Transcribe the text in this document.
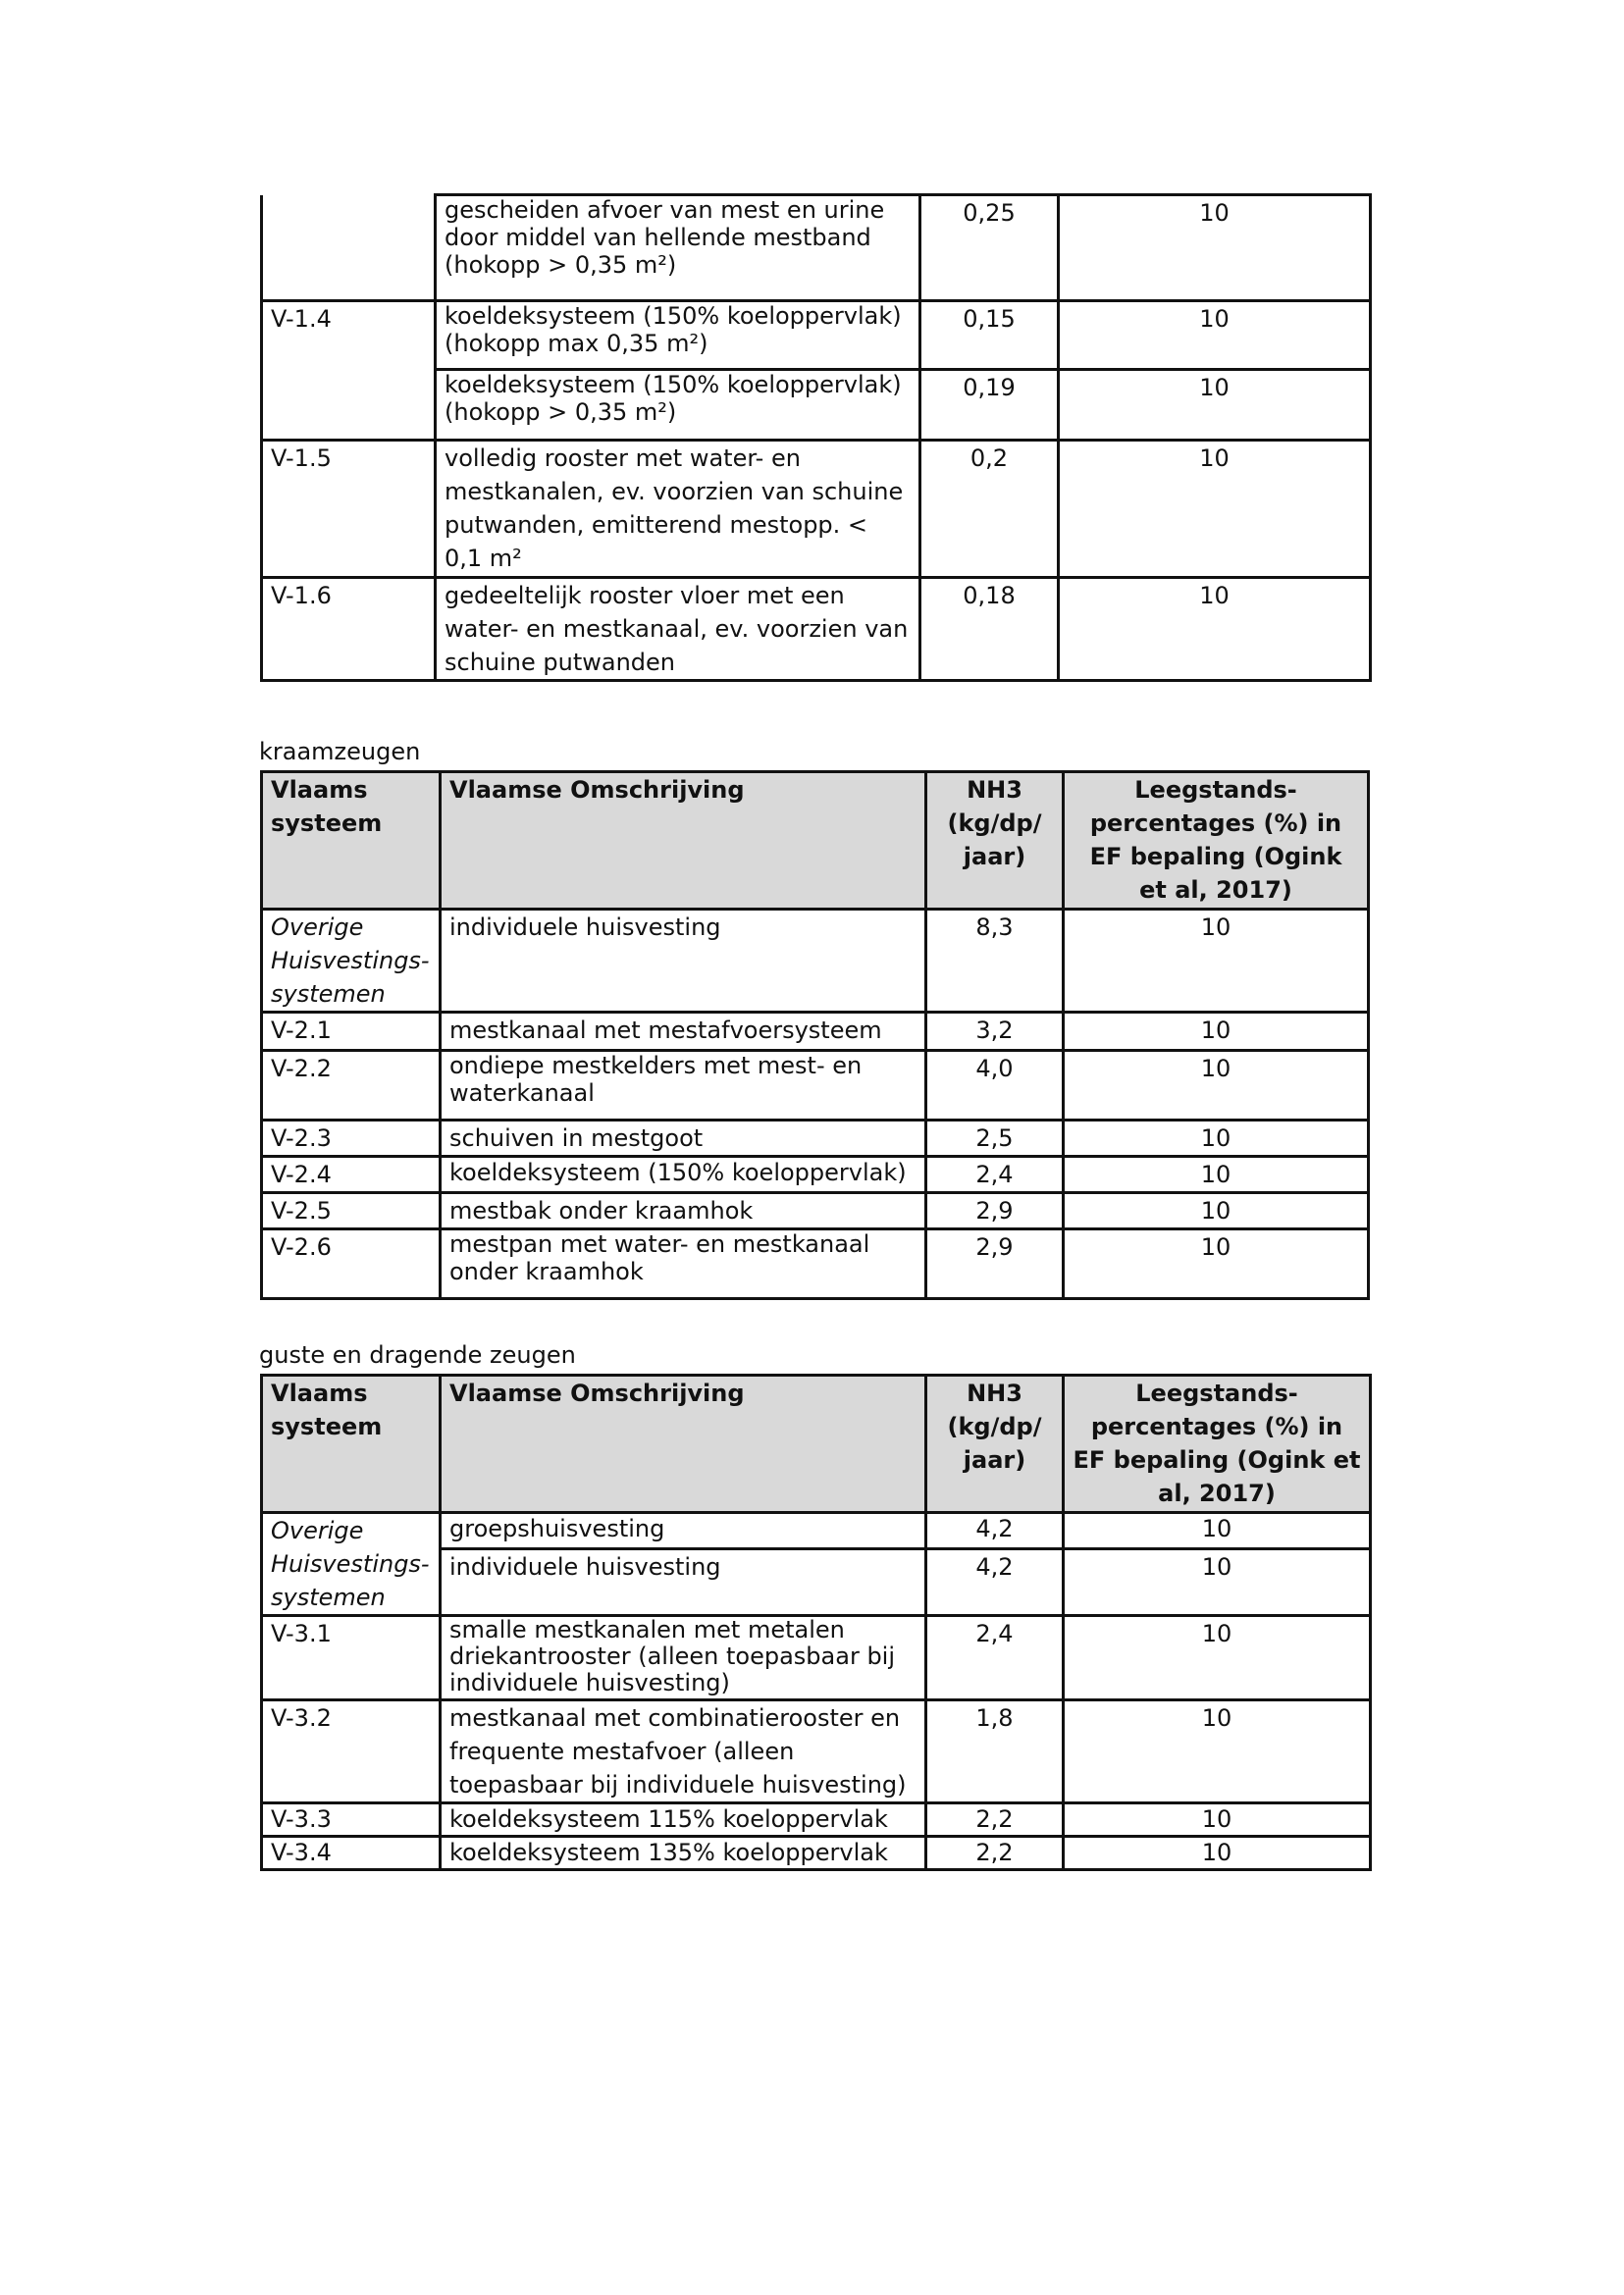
	gescheiden afvoer van mest en urine door middel van hellende mestband (hokopp > 0,35 m²)	0,25	10
V-1.4	koeldeksysteem (150% koeloppervlak) (hokopp max 0,35 m²)	0,15	10
	koeldeksysteem (150% koeloppervlak) (hokopp > 0,35 m²)	0,19	10
V-1.5	volledig rooster met water- en mestkanalen, ev. voorzien van schuine putwanden, emitterend mestopp. < 0,1 m²	0,2	10
V-1.6	gedeeltelijk rooster vloer met een water- en mestkanaal, ev. voorzien van schuine putwanden	0,18	10
kraamzeugen
Vlaams systeem	Vlaamse Omschrijving	NH3 (kg/dp/ jaar)	Leegstands- percentages (%) in EF bepaling (Ogink et al, 2017)
Overige Huisvestings- systemen	individuele huisvesting	8,3	10
V-2.1	mestkanaal met mestafvoersysteem	3,2	10
V-2.2	ondiepe mestkelders met mest- en waterkanaal	4,0	10
V-2.3	schuiven in mestgoot	2,5	10
V-2.4	koeldeksysteem (150% koeloppervlak)	2,4	10
V-2.5	mestbak onder kraamhok	2,9	10
V-2.6	mestpan met water- en mestkanaal onder kraamhok	2,9	10
guste en dragende zeugen
Vlaams systeem	Vlaamse Omschrijving	NH3 (kg/dp/ jaar)	Leegstands- percentages (%) in EF bepaling (Ogink et al, 2017)
Overige Huisvestings- systemen	groepshuisvesting	4,2	10
	individuele huisvesting	4,2	10
V-3.1	smalle mestkanalen met metalen driekantrooster (alleen toepasbaar bij individuele huisvesting)	2,4	10
V-3.2	mestkanaal met combinatierooster en frequente mestafvoer (alleen toepasbaar bij individuele huisvesting)	1,8	10
V-3.3	koeldeksysteem 115% koeloppervlak	2,2	10
V-3.4	koeldeksysteem 135% koeloppervlak	2,2	10
